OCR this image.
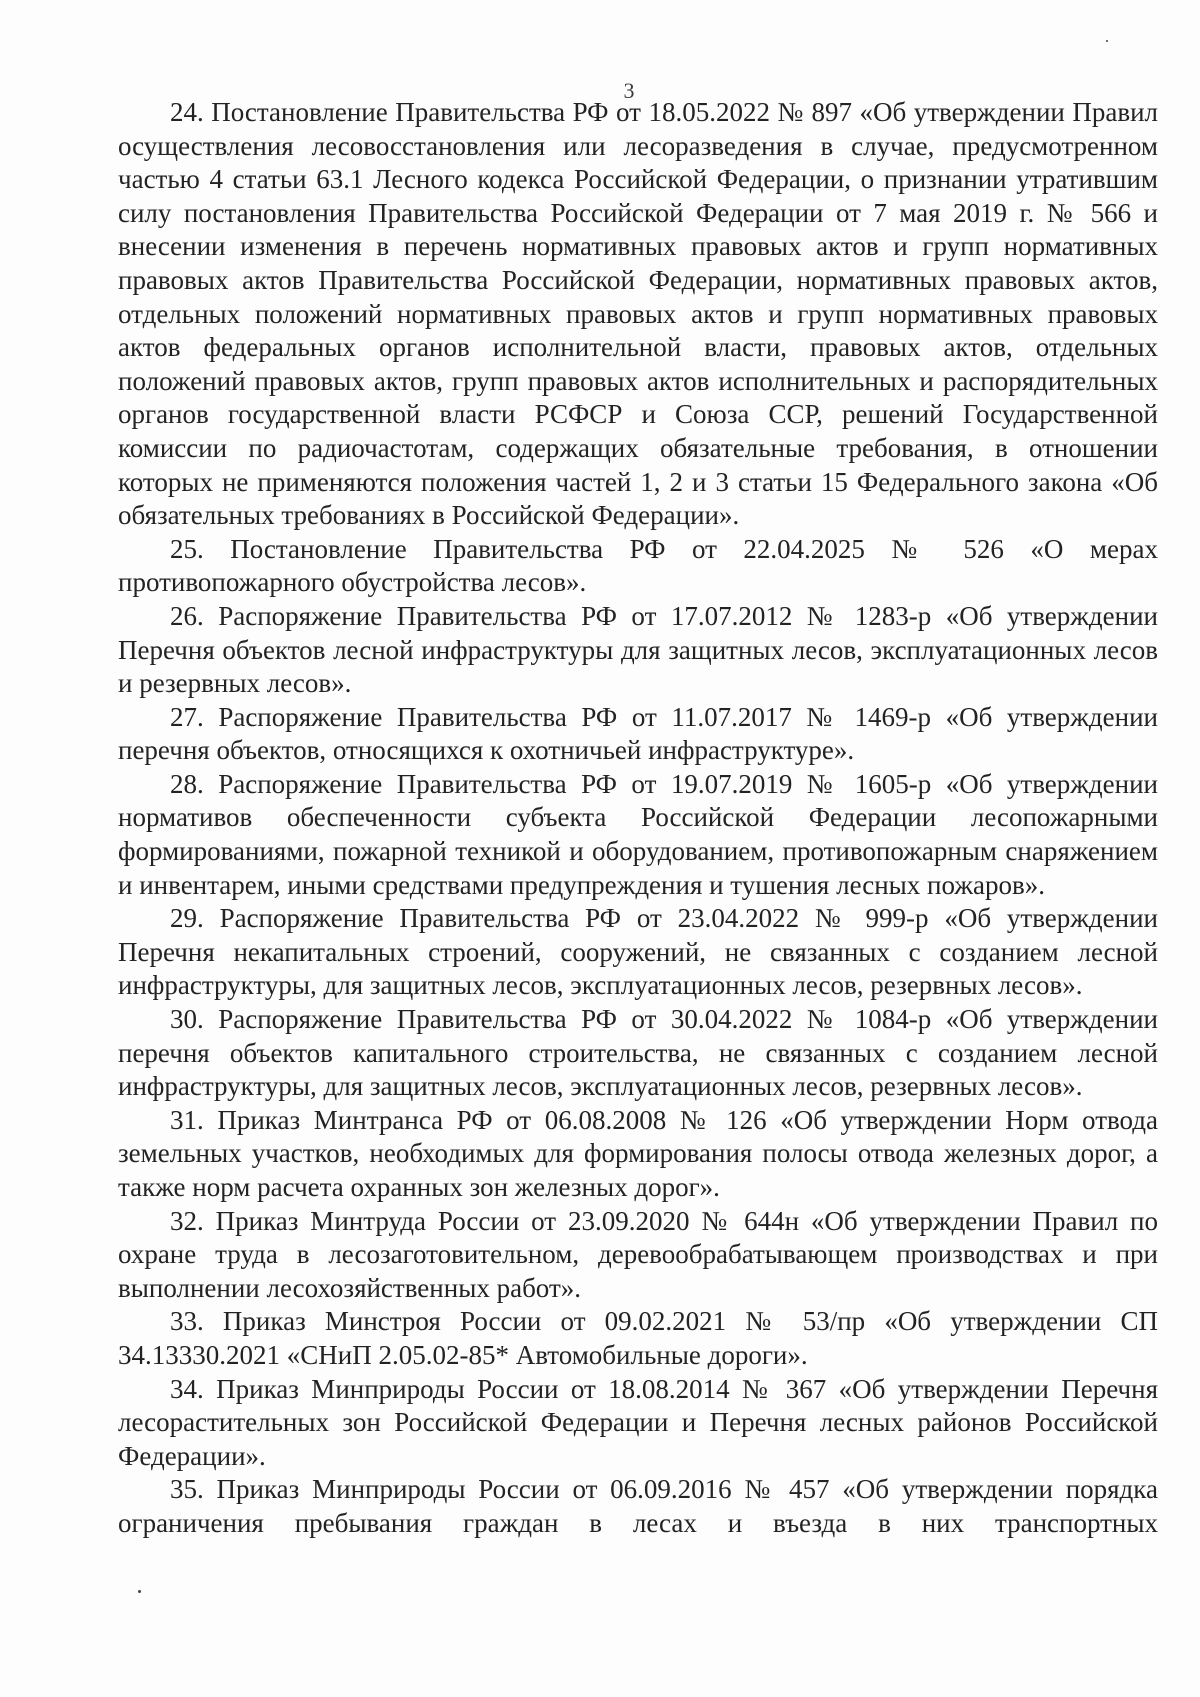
3

24. Постановление Правительства РФ от 18.05.2022 № 897 «Об утверждении Правил осуществления лесовосстановления или лесоразведения в случае, предусмотренном частью 4 статьи 63.1 Лесного кодекса Российской Федерации, о признании утратившим силу постановления Правительства Российской Федерации от 7 мая 2019 г. № 566 и внесении изменения в перечень нормативных правовых актов и групп нормативных правовых актов Правительства Российской Федерации, нормативных правовых актов, отдельных положений нормативных правовых актов и групп нормативных правовых актов федеральных органов исполнительной власти, правовых актов, отдельных положений правовых актов, групп правовых актов исполнительных и распорядительных органов государственной власти РСФСР и Союза ССР, решений Государственной комиссии по радиочастотам, содержащих обязательные требования, в отношении которых не применяются положения частей 1, 2 и 3 статьи 15 Федерального закона «Об обязательных требованиях в Российской Федерации».

25. Постановление Правительства РФ от 22.04.2025 № 526 «О мерах противопожарного обустройства лесов».

26. Распоряжение Правительства РФ от 17.07.2012 № 1283-р «Об утверждении Перечня объектов лесной инфраструктуры для защитных лесов, эксплуатационных лесов и резервных лесов».

27. Распоряжение Правительства РФ от 11.07.2017 № 1469-р «Об утверждении перечня объектов, относящихся к охотничьей инфраструктуре».

28. Распоряжение Правительства РФ от 19.07.2019 № 1605-р «Об утверждении нормативов обеспеченности субъекта Российской Федерации лесопожарными формированиями, пожарной техникой и оборудованием, противопожарным снаряжением и инвентарем, иными средствами предупреждения и тушения лесных пожаров».

29. Распоряжение Правительства РФ от 23.04.2022 № 999-р «Об утверждении Перечня некапитальных строений, сооружений, не связанных с созданием лесной инфраструктуры, для защитных лесов, эксплуатационных лесов, резервных лесов».

30. Распоряжение Правительства РФ от 30.04.2022 № 1084-р «Об утверждении перечня объектов капитального строительства, не связанных с созданием лесной инфраструктуры, для защитных лесов, эксплуатационных лесов, резервных лесов».

31. Приказ Минтранса РФ от 06.08.2008 № 126 «Об утверждении Норм отвода земельных участков, необходимых для формирования полосы отвода железных дорог, а также норм расчета охранных зон железных дорог».

32. Приказ Минтруда России от 23.09.2020 № 644н «Об утверждении Правил по охране труда в лесозаготовительном, деревообрабатывающем производствах и при выполнении лесохозяйственных работ».

33. Приказ Минстроя России от 09.02.2021 № 53/пр «Об утверждении СП 34.13330.2021 «СНиП 2.05.02-85* Автомобильные дороги».

34. Приказ Минприроды России от 18.08.2014 № 367 «Об утверждении Перечня лесорастительных зон Российской Федерации и Перечня лесных районов Российской Федерации».

35. Приказ Минприроды России от 06.09.2016 № 457 «Об утверждении порядка ограничения пребывания граждан в лесах и въезда в них транспортных
